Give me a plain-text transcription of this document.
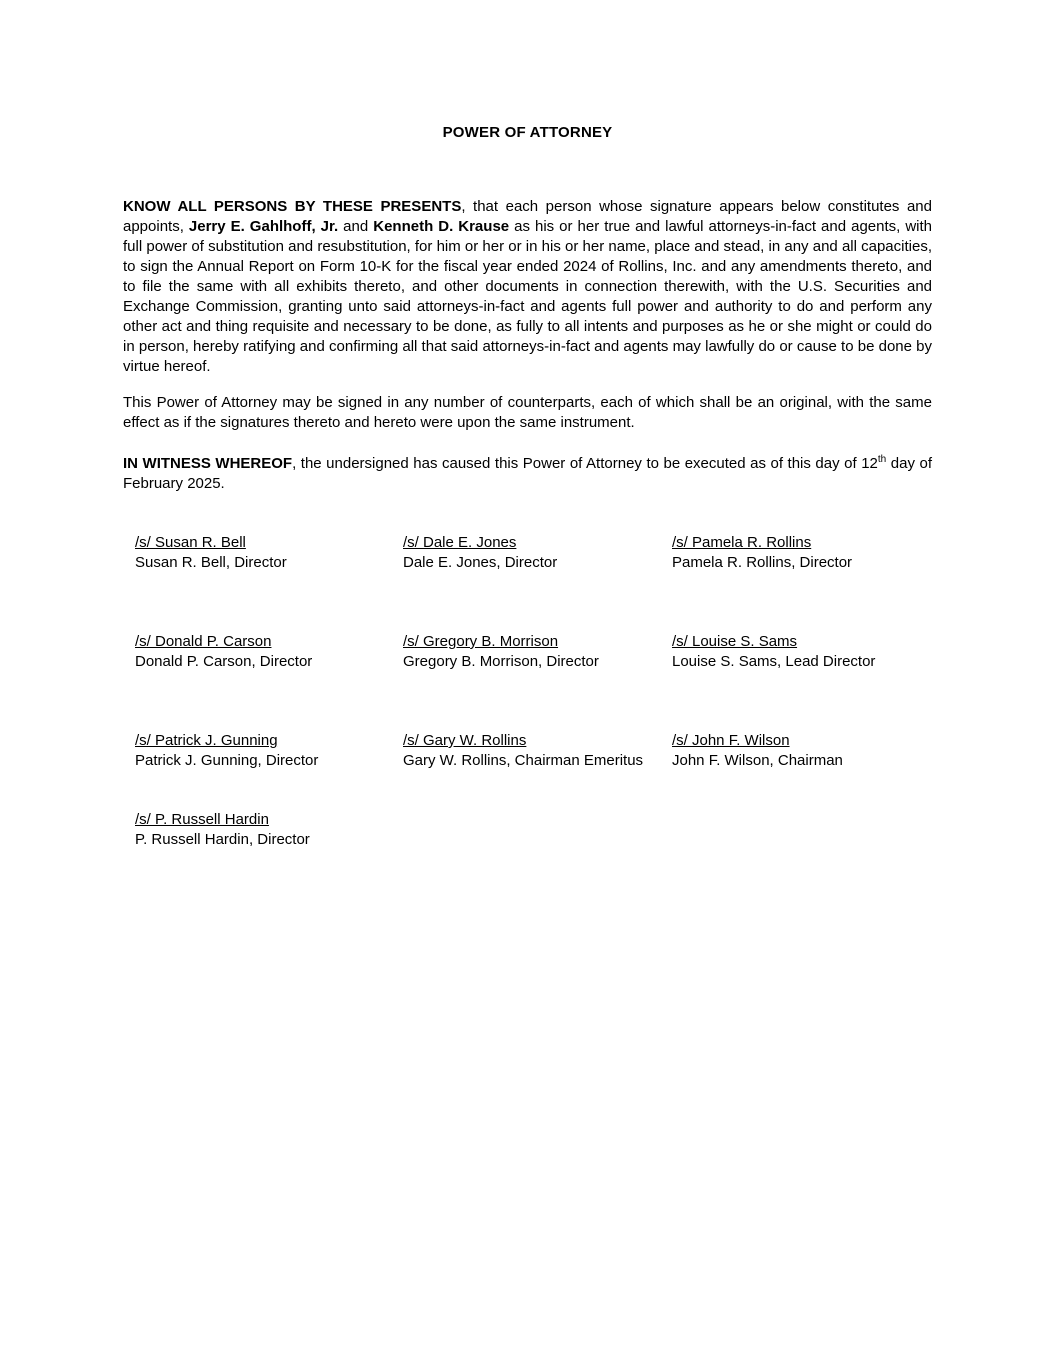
POWER OF ATTORNEY

KNOW ALL PERSONS BY THESE PRESENTS, that each person whose signature appears below constitutes and appoints, Jerry E. Gahlhoff, Jr. and Kenneth D. Krause as his or her true and lawful attorneys-in-fact and agents, with full power of substitution and resubstitution, for him or her or in his or her name, place and stead, in any and all capacities, to sign the Annual Report on Form 10-K for the fiscal year ended 2024 of Rollins, Inc. and any amendments thereto, and to file the same with all exhibits thereto, and other documents in connection therewith, with the U.S. Securities and Exchange Commission, granting unto said attorneys-in-fact and agents full power and authority to do and perform any other act and thing requisite and necessary to be done, as fully to all intents and purposes as he or she might or could do in person, hereby ratifying and confirming all that said attorneys-in-fact and agents may lawfully do or cause to be done by virtue hereof.

This Power of Attorney may be signed in any number of counterparts, each of which shall be an original, with the same effect as if the signatures thereto and hereto were upon the same instrument.

IN WITNESS WHEREOF, the undersigned has caused this Power of Attorney to be executed as of this day of 12th day of February 2025.

/s/ Susan R. Bell
Susan R. Bell, Director
/s/ Dale E. Jones
Dale E. Jones, Director
/s/ Pamela R. Rollins
Pamela R. Rollins, Director
/s/ Donald P. Carson
Donald P. Carson, Director
/s/ Gregory B. Morrison
Gregory B. Morrison, Director
/s/ Louise S. Sams
Louise S. Sams, Lead Director
/s/ Patrick J. Gunning
Patrick J. Gunning, Director
/s/ Gary W. Rollins
Gary W. Rollins, Chairman Emeritus
/s/ John F. Wilson
John F. Wilson, Chairman
/s/ P. Russell Hardin
P. Russell Hardin, Director
